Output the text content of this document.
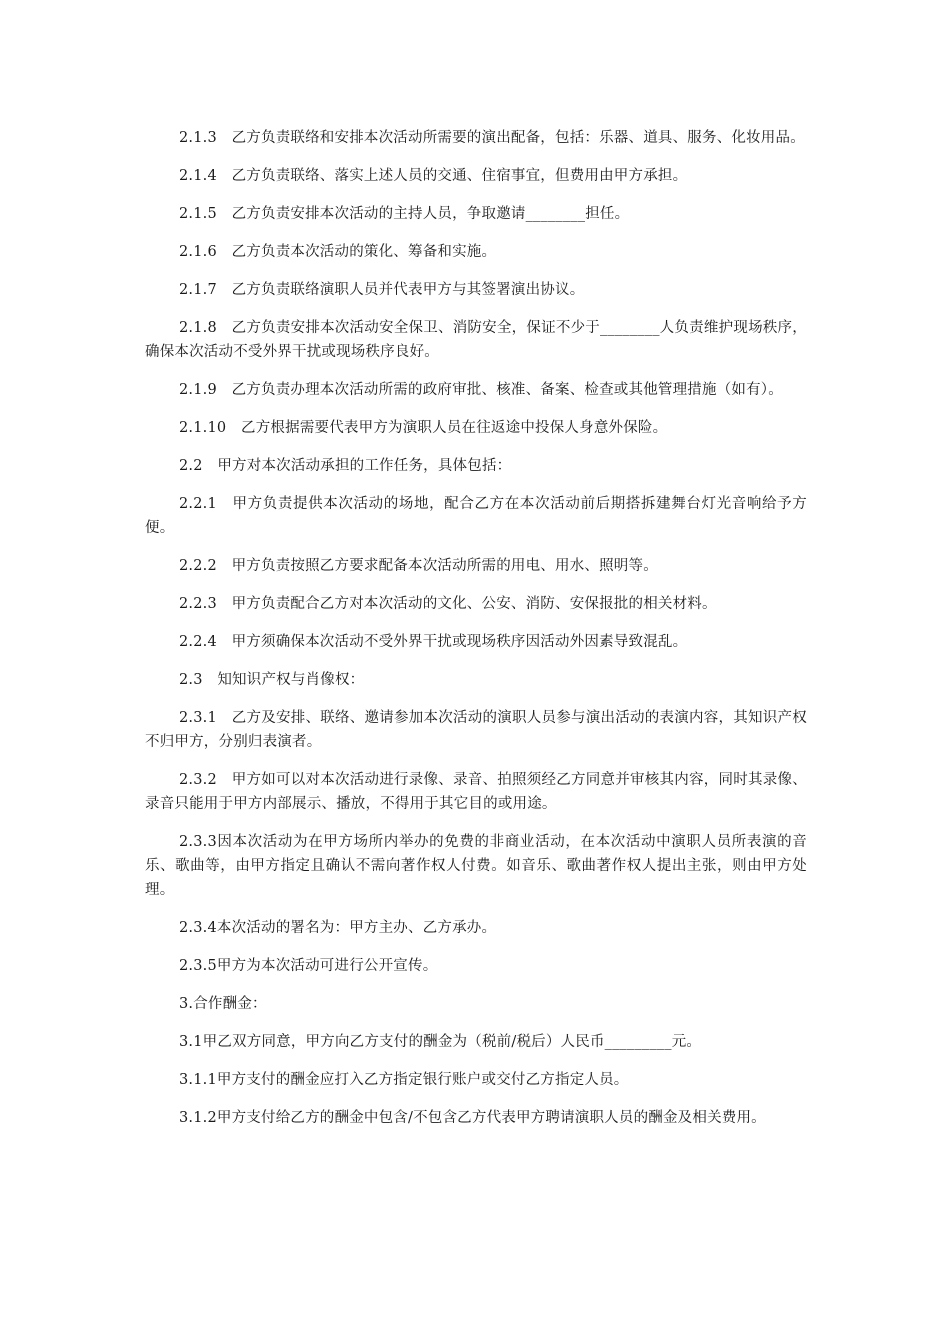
2.1.3　乙方负责联络和安排本次活动所需要的演出配备，包括：乐器、道具、服务、化妆用品。

2.1.4　乙方负责联络、落实上述人员的交通、住宿事宜，但费用由甲方承担。

2.1.5　乙方负责安排本次活动的主持人员，争取邀请________担任。

2.1.6　乙方负责本次活动的策化、筹备和实施。

2.1.7　乙方负责联络演职人员并代表甲方与其签署演出协议。

2.1.8　乙方负责安排本次活动安全保卫、消防安全，保证不少于________人负责维护现场秩序，确保本次活动不受外界干扰或现场秩序良好。

2.1.9　乙方负责办理本次活动所需的政府审批、核准、备案、检查或其他管理措施（如有）。

2.1.10　乙方根据需要代表甲方为演职人员在往返途中投保人身意外保险。

2.2　甲方对本次活动承担的工作任务，具体包括：

2.2.1　甲方负责提供本次活动的场地，配合乙方在本次活动前后期搭拆建舞台灯光音响给予方便。

2.2.2　甲方负责按照乙方要求配备本次活动所需的用电、用水、照明等。

2.2.3　甲方负责配合乙方对本次活动的文化、公安、消防、安保报批的相关材料。

2.2.4　甲方须确保本次活动不受外界干扰或现场秩序因活动外因素导致混乱。

2.3　知知识产权与肖像权：

2.3.1　乙方及安排、联络、邀请参加本次活动的演职人员参与演出活动的表演内容，其知识产权不归甲方，分别归表演者。

2.3.2　甲方如可以对本次活动进行录像、录音、拍照须经乙方同意并审核其内容，同时其录像、录音只能用于甲方内部展示、播放，不得用于其它目的或用途。

2.3.3因本次活动为在甲方场所内举办的免费的非商业活动，在本次活动中演职人员所表演的音乐、歌曲等，由甲方指定且确认不需向著作权人付费。如音乐、歌曲著作权人提出主张，则由甲方处理。

2.3.4本次活动的署名为：甲方主办、乙方承办。

2.3.5甲方为本次活动可进行公开宣传。

3.合作酬金：

3.1甲乙双方同意，甲方向乙方支付的酬金为（税前/税后）人民币_________元。

3.1.1甲方支付的酬金应打入乙方指定银行账户或交付乙方指定人员。

3.1.2甲方支付给乙方的酬金中包含/不包含乙方代表甲方聘请演职人员的酬金及相关费用。
